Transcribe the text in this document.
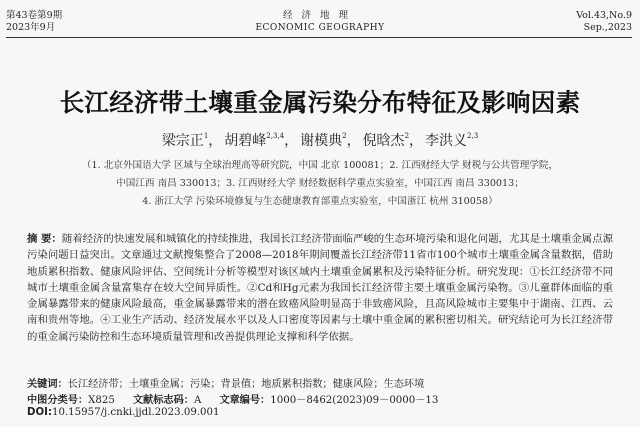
第43卷第9期
2023年9月
经济地理
ECONOMIC GEOGRAPHY
Vol.43,No.9
Sep.,2023
长江经济带土壤重金属污染分布特征及影响因素
梁宗正$^1$， 胡碧峰$^{2,3,4}$， 谢模典$^2$， 倪晗杰$^2$， 李洪义$^{2,3}$
（1. 北京外国语大学 区域与全球治理高等研究院，中国 北京 100081；2. 江西财经大学 财税与公共管理学院，
中国江西 南昌 330013；3. 江西财经大学 财经数据科学重点实验室，中国江西 南昌 330013；
4. 浙江大学 污染环境修复与生态健康教育部重点实验室，中国浙江 杭州 310058）
摘 要：随着经济的快速发展和城镇化的持续推进，我国长江经济带面临严峻的生态环境污染和退化问题，尤其是土壤重金属点源污染问题日益突出。文章通过文献搜集整合了2008—2018年期间覆盖长江经济带11省市100个城市土壤重金属含量数据，借助地质累积指数、健康风险评估、空间统计分析等模型对该区域内土壤重金属累积及污染特征分析。研究发现：①长江经济带不同城市土壤重金属含量富集存在较大空间异质性。②Cd和Hg元素为我国长江经济带主要土壤重金属污染物。③儿童群体面临的重金属暴露带来的健康风险最高，重金属暴露带来的潜在致癌风险明显高于非致癌风险，且高风险城市主要集中于湖南、江西、云南和贵州等地。④工业生产活动、经济发展水平以及人口密度等因素与土壤中重金属的累积密切相关。研究结论可为长江经济带的重金属污染防控和生态环境质量管理和改善提供理论支撑和科学依据。
关键词：长江经济带；土壤重金属；污染；背景值；地质累积指数；健康风险；生态环境
中图分类号：X825 文献标志码：A 文章编号：1000－8462(2023)09－0000－13
DOI:10.15957/j.cnki.jjdl.2023.09.001
